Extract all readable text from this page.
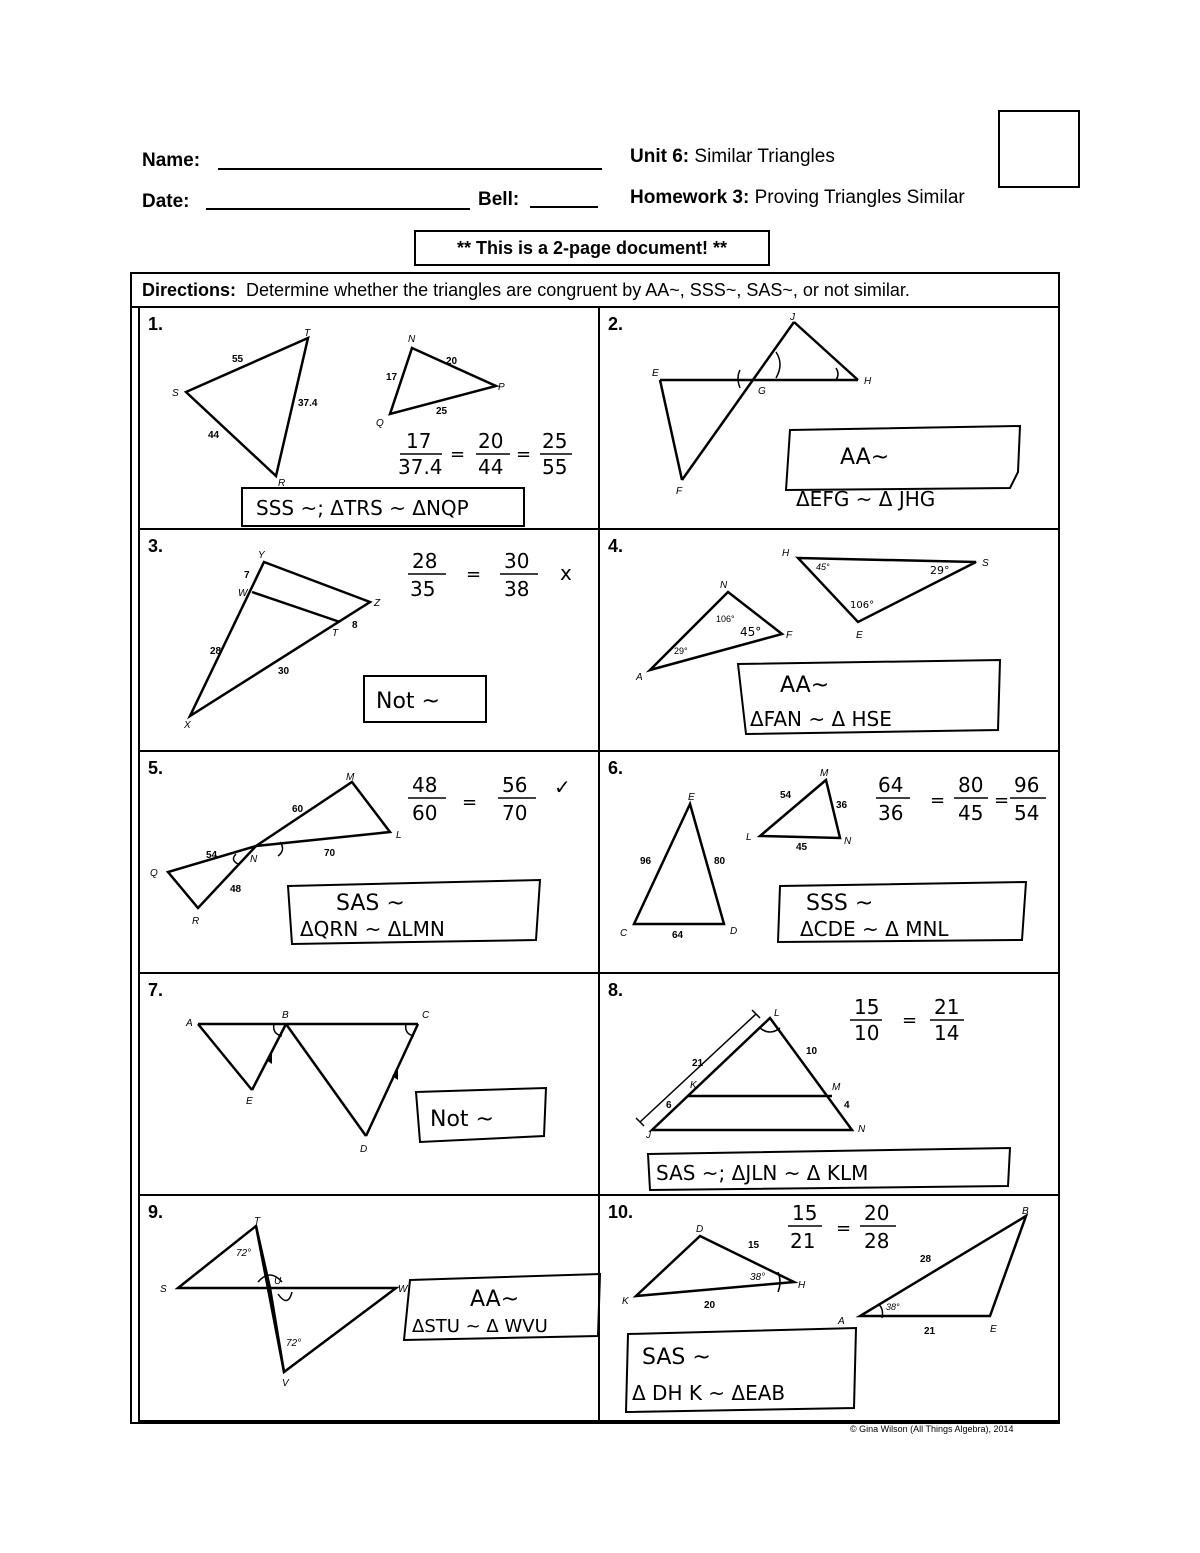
Name:
Date:	Bell:
Unit 6: Similar Triangles
Homework 3: Proving Triangles Similar
** This is a 2-page document! **
Directions:
Determine whether the triangles are congruent by AA~, SSS~, SAS~, or not similar.
1.	T
S
R
N
P
Q
55
37.4
44
17
20
25
17
37.4
=
20
44
=
25
55
SSS ~; ΔTRS ~ ΔNQP
2.	J
E
G
H
F
AA~
ΔEFG ~ Δ JHG
3.	Y
W
Z
T
X
7
28
8
30
28
35
=
30
38
x
Not ~
4.	H
S
N
F
A
E
45°	29°
106°
106°
45°
29°
AA~
ΔFAN ~ Δ HSE
5.	M
L
N
Q
R
60
54	70
48
48
60 =
56
70
✓
SAS ~
ΔQRN ~ ΔLMN
6.
E
C	D
M
L	N
96	80
64
54
36
45
64
36
=
80
45
=
96
54
SSS ~
ΔCDE ~ Δ MNL
7.
A
B	C
E
D
Not ~
8.
L
K
J
M
N
21
6
10
4
15
10
=
21
14
SAS ~; ΔJLN ~ Δ KLM
9.	T
S
U
W
V
72°
72°
AA~
ΔSTU ~ Δ WVU
10.
D
K
H
B
A
E
15
20
28
21
38°
38°
15
21
=
20
28
SAS ~
Δ DH K ~ ΔEAB
© Gina Wilson (All Things Algebra), 2014
